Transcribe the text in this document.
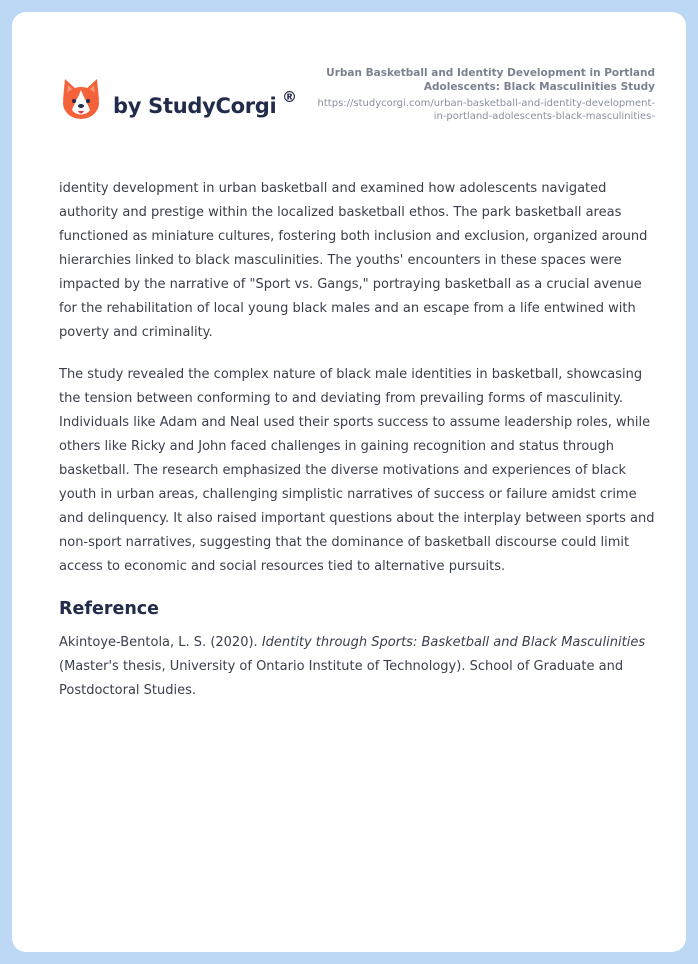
by StudyCorgi ®
Urban Basketball and Identity Development in Portland Adolescents: Black Masculinities Study
https://studycorgi.com/urban-basketball-and-identity-development-in-portland-adolescents-black-masculinities-

identity development in urban basketball and examined how adolescents navigated authority and prestige within the localized basketball ethos. The park basketball areas functioned as miniature cultures, fostering both inclusion and exclusion, organized around hierarchies linked to black masculinities. The youths' encounters in these spaces were impacted by the narrative of "Sport vs. Gangs," portraying basketball as a crucial avenue for the rehabilitation of local young black males and an escape from a life entwined with poverty and criminality.

The study revealed the complex nature of black male identities in basketball, showcasing the tension between conforming to and deviating from prevailing forms of masculinity. Individuals like Adam and Neal used their sports success to assume leadership roles, while others like Ricky and John faced challenges in gaining recognition and status through basketball. The research emphasized the diverse motivations and experiences of black youth in urban areas, challenging simplistic narratives of success or failure amidst crime and delinquency. It also raised important questions about the interplay between sports and non-sport narratives, suggesting that the dominance of basketball discourse could limit access to economic and social resources tied to alternative pursuits.

Reference

Akintoye-Bentola, L. S. (2020). Identity through Sports: Basketball and Black Masculinities (Master's thesis, University of Ontario Institute of Technology). School of Graduate and Postdoctoral Studies.
